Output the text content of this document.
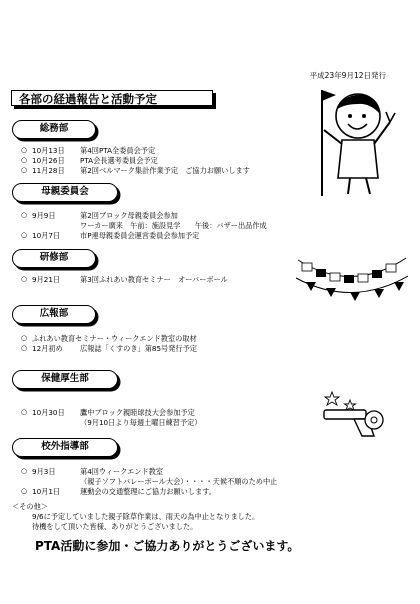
平成23年9月12日発行
各部の経過報告と活動予定
総務部
○ 10月13日 第4回PTA全委員会予定
○ 10月26日 PTA会長選考委員会予定
○ 11月28日 第2回ベルマーク集計作業予定　ご協力お願いします
母親委員会
○ 9月9日	第2回ブロック母親委員会参加
ワーカー廣来　午前：施設見学　　午後：バザー出品作成
○ 10月7日	市P連母親委員会運営委員会参加予定
研修部
○ 9月21日	第3回ふれあい教育セミナー　オーバーボール
広報部
○ ふれあい教育セミナー・ウィークエンド教室の取材
○ 12月初め 広報誌「くすのき」第85号発行予定
保健厚生部
○ 10月30日 鷹中ブロック親睦球技大会参加予定
（9月10日より毎週土曜日練習予定）
校外指導部
○ 9月3日	第4回ウィークエンド教室
（親子ソフトバレーボール大会）・・・・天候不順のため中止
○ 10月1日	運動会の交通整理にご協力お願いします。
＜その他＞
9/6に予定していました親子除草作業は、雨天の為中止となりました。
待機をして頂いた皆様、ありがとうございました。
PTA活動に参加・ご協力ありがとうございます。
